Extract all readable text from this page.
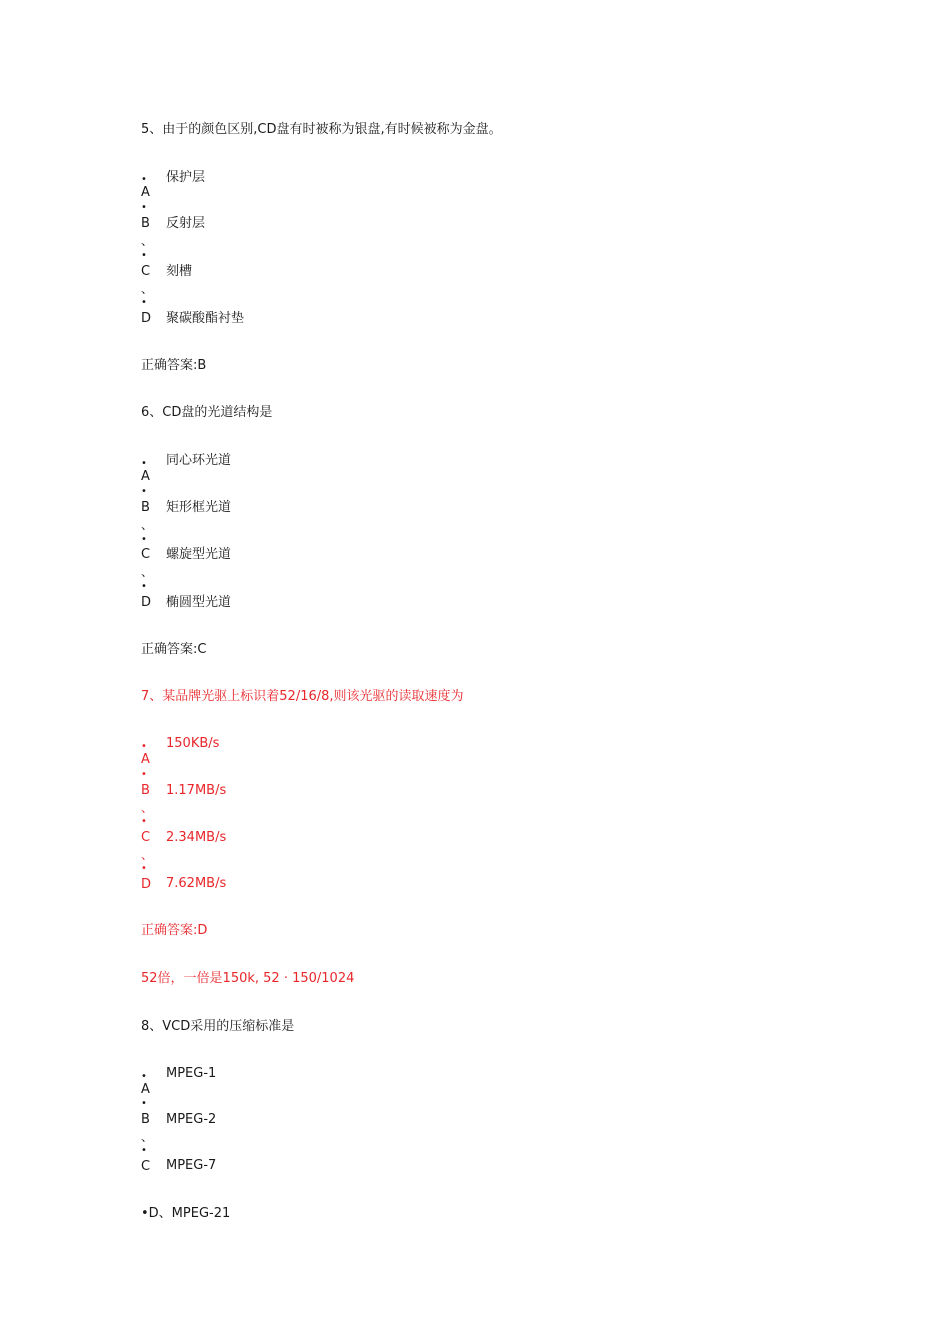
5、由于的颜色区别,CD盘有时被称为银盘,有时候被称为金盘。
• 保护层
A
•
B 反射层
、
•
C 刻槽
、
•
D 聚碳酸酯衬垫
正确答案:B
6、CD盘的光道结构是
• 同心环光道
A
•
B 矩形框光道
、
•
C 螺旋型光道
、
•
D 椭圆型光道
正确答案:C
7、某品牌光驱上标识着52/16/8,则该光驱的读取速度为
• 150KB/s
A
•
B 1.17MB/s
、
•
C 2.34MB/s
、
•
D 7.62MB/s
正确答案:D
52倍，一倍是150k, 52 · 150/1024
8、VCD采用的压缩标准是
• MPEG-1
A
•
B MPEG-2
、
•
C MPEG-7
•D、MPEG-21
